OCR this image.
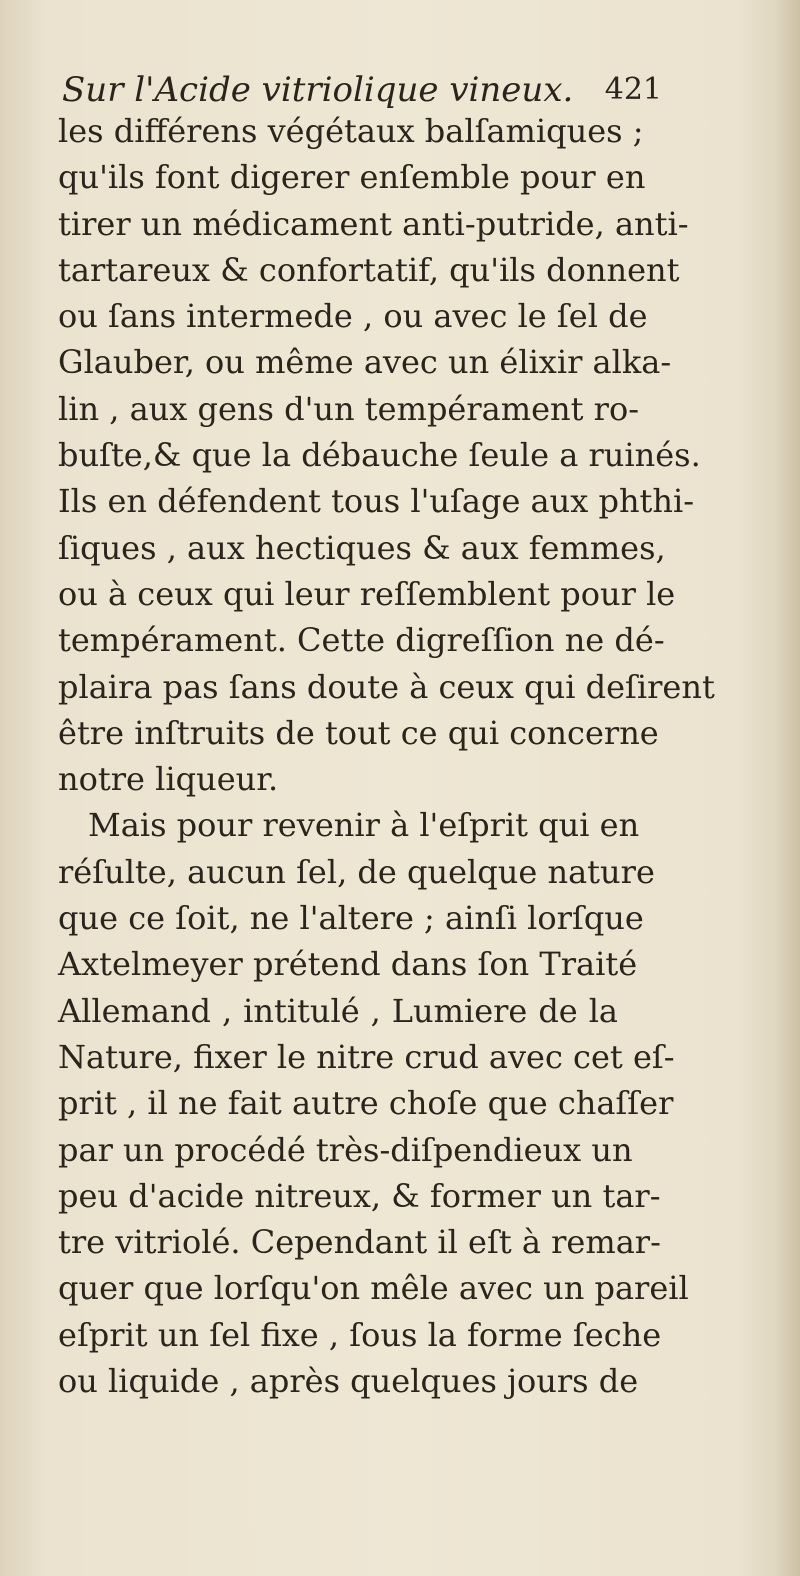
Sur l'Acide vitriolique vineux. 421
les différens végétaux balſamiques ;
qu'ils font digerer enſemble pour en
tirer un médicament anti-putride, anti-
tartareux & confortatif, qu'ils donnent
ou ſans intermede , ou avec le ſel de
Glauber, ou même avec un élixir alka-
lin , aux gens d'un tempérament ro-
buſte,& que la débauche ſeule a ruinés.
Ils en défendent tous l'uſage aux phthi-
ſiques , aux hectiques & aux femmes,
ou à ceux qui leur reſſemblent pour le
tempérament. Cette digreſſion ne dé-
plaira pas ſans doute à ceux qui deſirent
être inſtruits de tout ce qui concerne
notre liqueur.
Mais pour revenir à l'eſprit qui en
réſulte, aucun ſel, de quelque nature
que ce ſoit, ne l'altere ; ainſi lorſque
Axtelmeyer prétend dans ſon Traité
Allemand , intitulé , Lumiere de la
Nature, fixer le nitre crud avec cet eſ-
prit , il ne fait autre choſe que chaſſer
par un procédé très-diſpendieux un
peu d'acide nitreux, & former un tar-
tre vitriolé. Cependant il eſt à remar-
quer que lorſqu'on mêle avec un pareil
eſprit un ſel fixe , ſous la forme ſeche
ou liquide , après quelques jours de
